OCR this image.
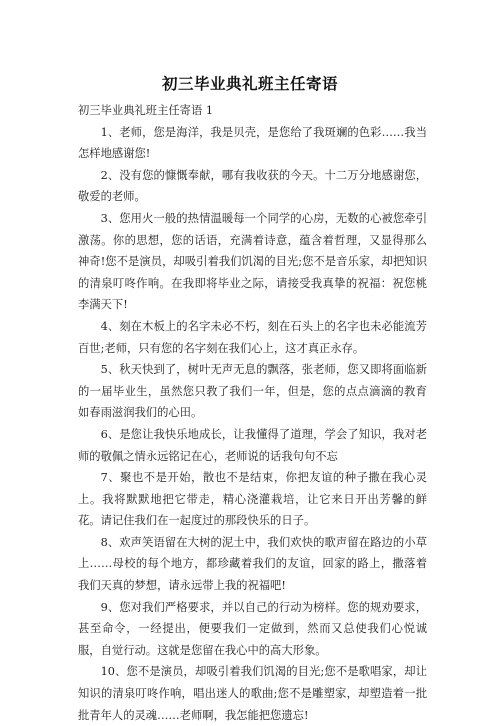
初三毕业典礼班主任寄语

初三毕业典礼班主任寄语 1

1、老师，您是海洋，我是贝壳，是您给了我斑斓的色彩……我当怎样地感谢您!

2、没有您的慷慨奉献，哪有我收获的今天。十二万分地感谢您，敬爱的老师。

3、您用火一般的热情温暖每一个同学的心房，无数的心被您牵引激荡。你的思想，您的话语，充满着诗意，蕴含着哲理，又显得那么神奇!您不是演员，却吸引着我们饥渴的目光;您不是音乐家，却把知识的清泉叮咚作响。在我即将毕业之际，请接受我真挚的祝福：祝您桃李满天下!

4、刻在木板上的名字未必不朽，刻在石头上的名字也未必能流芳百世;老师，只有您的名字刻在我们心上，这才真正永存。

5、秋天快到了，树叶无声无息的飘落，张老师，您又即将面临新的一届毕业生，虽然您只教了我们一年，但是，您的点点滴滴的教育如春雨滋润我们的心田。

6、是您让我快乐地成长，让我懂得了道理，学会了知识，我对老师的敬佩之情永远铭记在心，老师说的话我句句不忘

7、聚也不是开始，散也不是结束，你把友谊的种子撒在我心灵上。我将默默地把它带走，精心浇灌栽培，让它来日开出芳馨的鲜花。请记住我们在一起度过的那段快乐的日子。

8、欢声笑语留在大树的泥土中，我们欢快的歌声留在路边的小草上……母校的每个地方，都珍藏着我们的友谊，回家的路上，撒落着我们天真的梦想，请永远带上我的祝福吧!

9、您对我们严格要求，并以自己的行动为榜样。您的规劝要求，甚至命令，一经提出，便要我们一定做到，然而又总使我们心悦诚服，自觉行动。这就是您留在我心中的高大形象。

10、您不是演员，却吸引着我们饥渴的目光;您不是歌唱家，却让知识的清泉叮咚作响，唱出迷人的歌曲;您不是雕塑家，却塑造着一批批青年人的灵魂……老师啊，我怎能把您遗忘!
